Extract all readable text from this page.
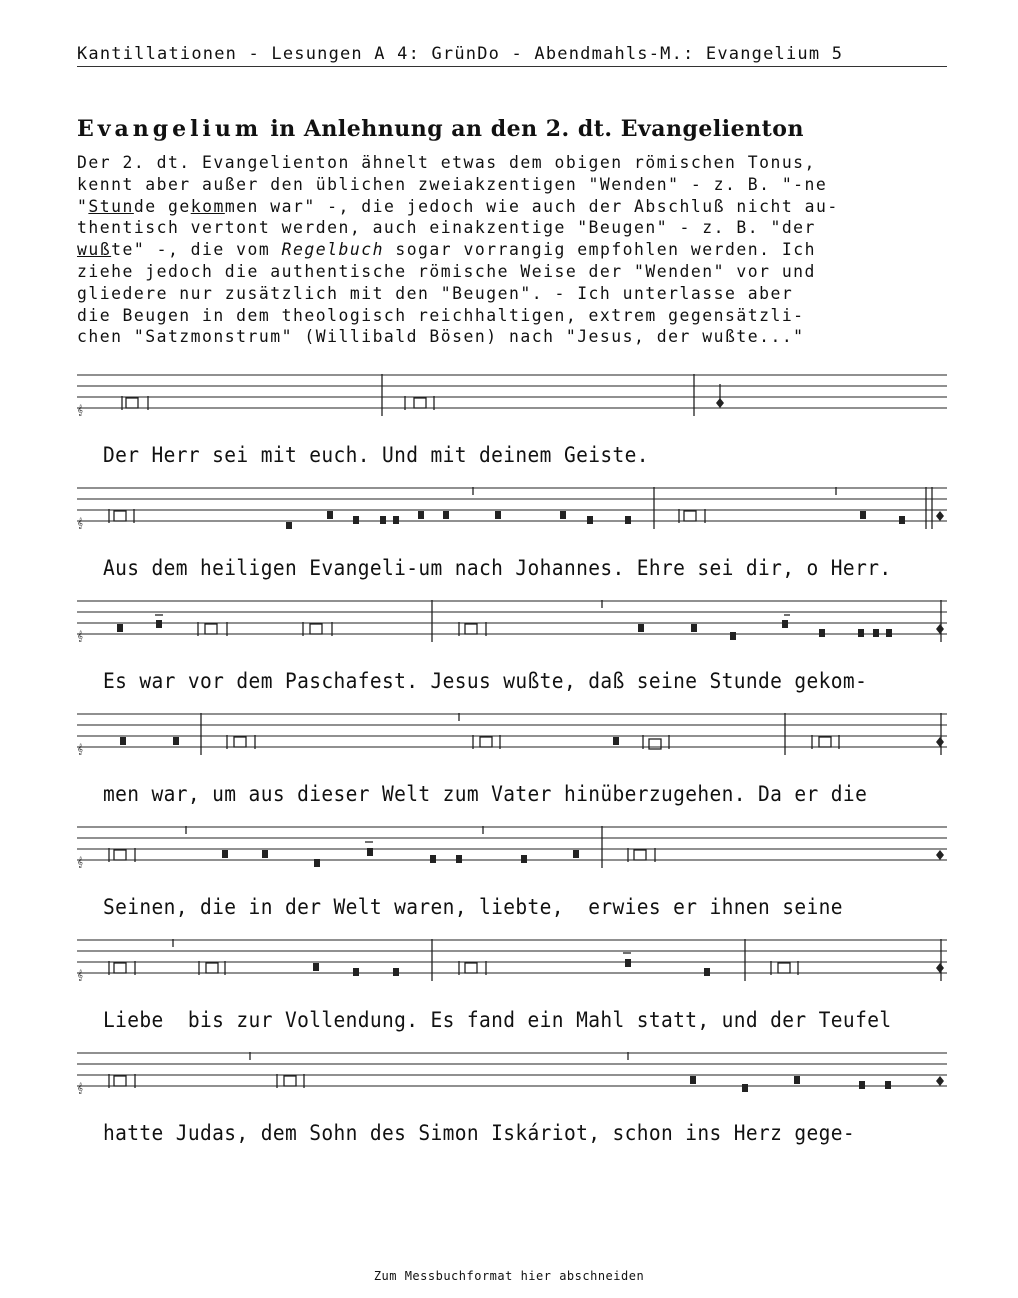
Kantillationen - Lesungen A 4: GrünDo - Abendmahls-M.: Evangelium 5
Evangelium in Anlehnung an den 2. dt. Evangelienton
Der 2. dt. Evangelienton ähnelt etwas dem obigen römischen Tonus,
kennt aber außer den üblichen zweiakzentigen "Wenden" - z. B. "-ne
"Stunde gekommen war" -, die jedoch wie auch der Abschluß nicht au-
thentisch vertont werden, auch einakzentige "Beugen" - z. B. "der
wußte" -, die vom Regelbuch sogar vorrangig empfohlen werden. Ich
ziehe jedoch die authentische römische Weise der "Wenden" vor und
gliedere nur zusätzlich mit den "Beugen". - Ich unterlasse aber
die Beugen in dem theologisch reichhaltigen, extrem gegensätzli-
chen "Satzmonstrum" (Willibald Bösen) nach "Jesus, der wußte..."
𝄞
Der Herr sei mit euch. Und mit deinem Geiste.
𝄞
Aus dem heiligen Evangeli-um nach Johannes. Ehre sei dir, o Herr.
𝄞
Es war vor dem Paschafest. Jesus wußte, daß seine Stunde gekom-
𝄞
men war, um aus dieser Welt zum Vater hinüberzugehen. Da er die
𝄞
Seinen, die in der Welt waren, liebte,  erwies er ihnen seine
𝄞
Liebe  bis zur Vollendung. Es fand ein Mahl statt, und der Teufel
𝄞
hatte Judas, dem Sohn des Simon Iskáriot, schon ins Herz gege-
Zum Messbuchformat hier abschneiden
